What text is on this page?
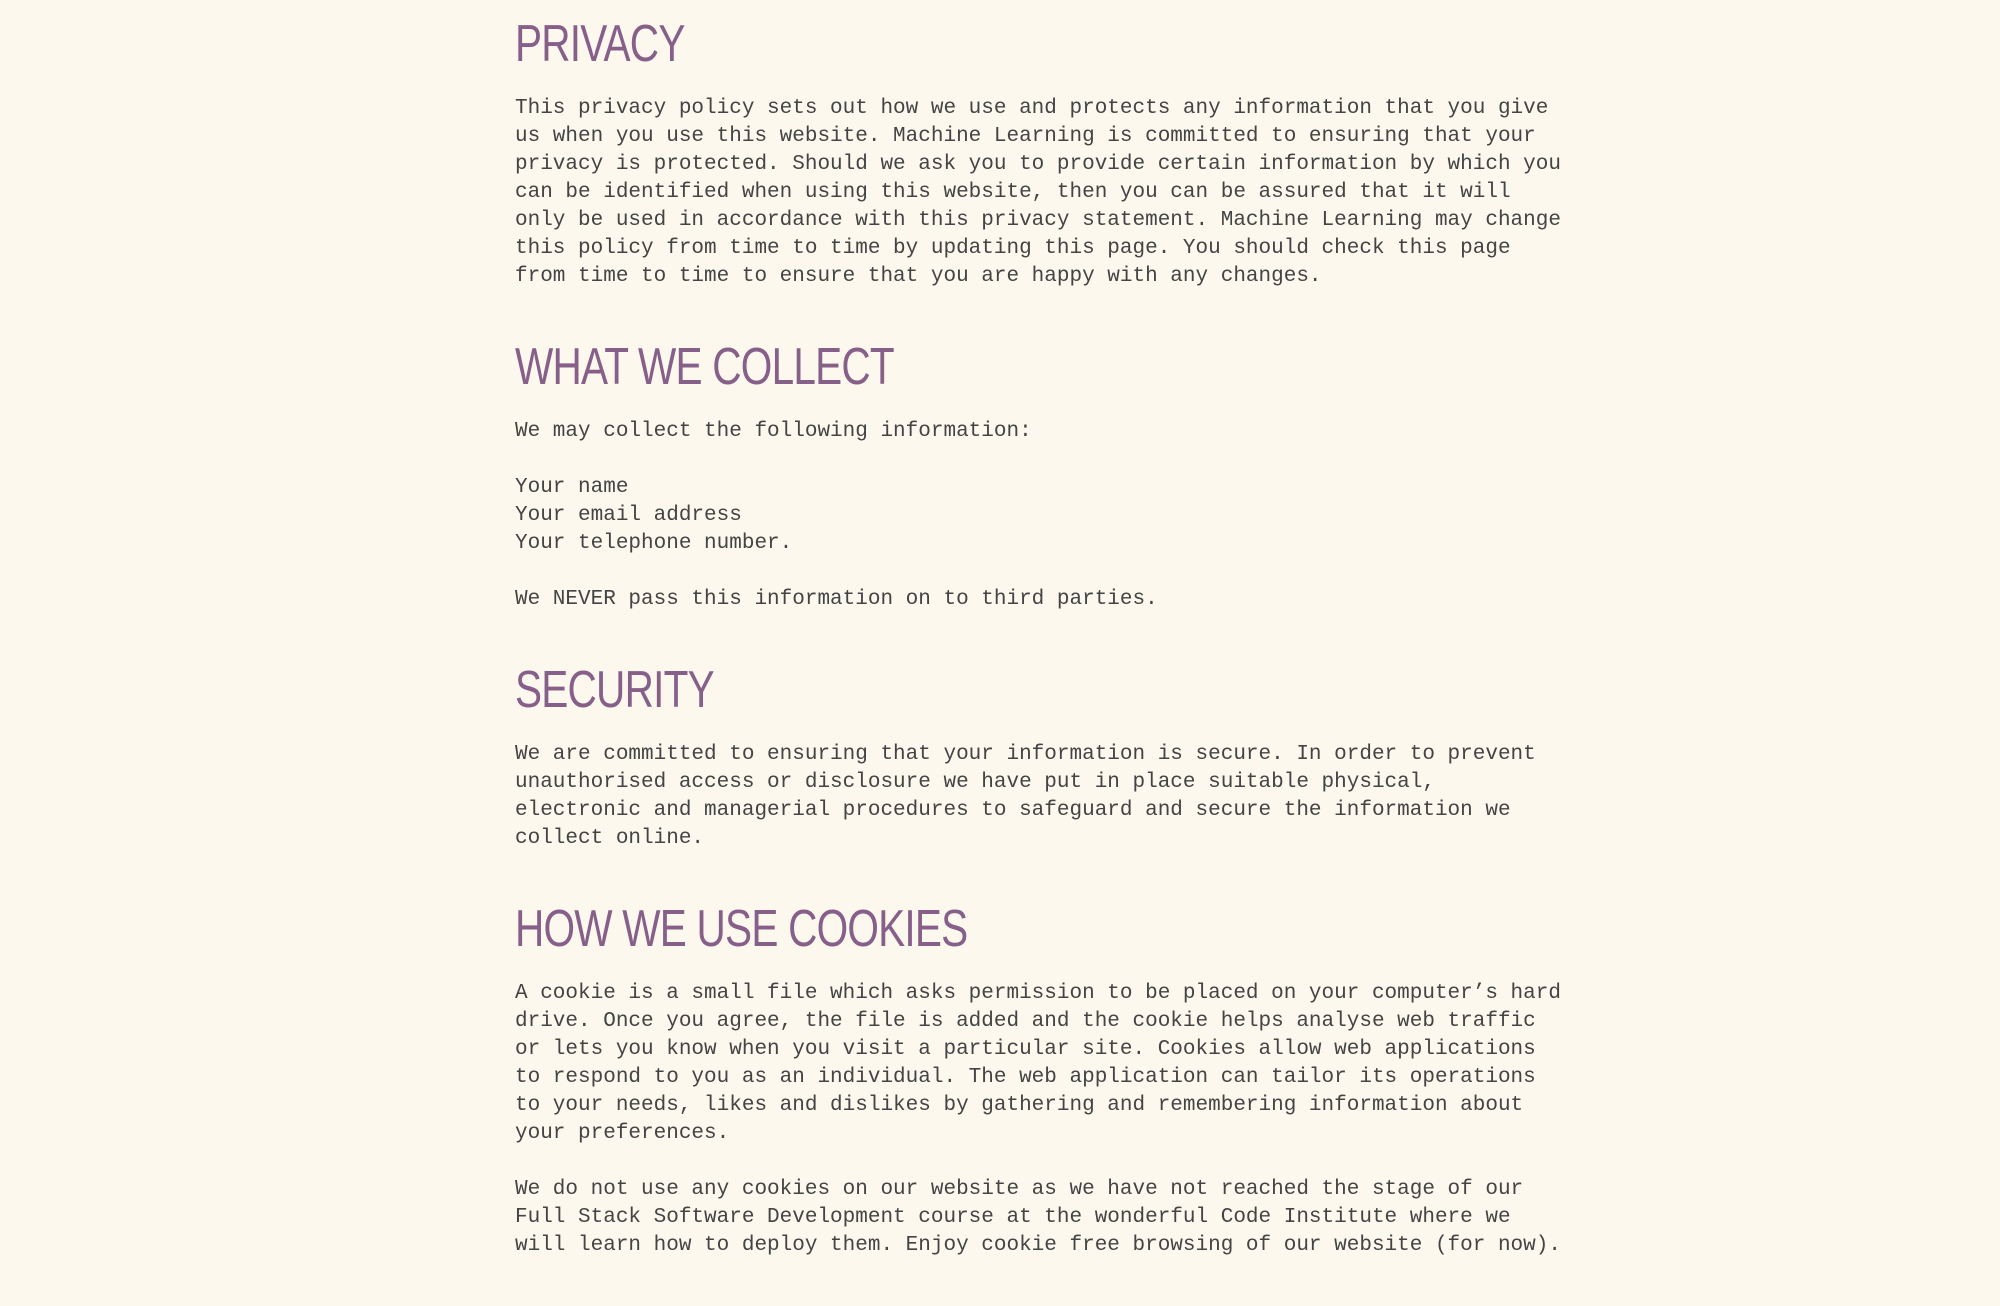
PRIVACY

This privacy policy sets out how we use and protects any information that you give us when you use this website. Machine Learning is committed to ensuring that your privacy is protected. Should we ask you to provide certain information by which you can be identified when using this website, then you can be assured that it will only be used in accordance with this privacy statement. Machine Learning may change this policy from time to time by updating this page. You should check this page from time to time to ensure that you are happy with any changes.

WHAT WE COLLECT

We may collect the following information:

Your name
Your email address
Your telephone number.

We NEVER pass this information on to third parties.

SECURITY

We are committed to ensuring that your information is secure. In order to prevent unauthorised access or disclosure we have put in place suitable physical, electronic and managerial procedures to safeguard and secure the information we collect online.

HOW WE USE COOKIES

A cookie is a small file which asks permission to be placed on your computer’s hard drive. Once you agree, the file is added and the cookie helps analyse web traffic or lets you know when you visit a particular site. Cookies allow web applications to respond to you as an individual. The web application can tailor its operations to your needs, likes and dislikes by gathering and remembering information about your preferences.

We do not use any cookies on our website as we have not reached the stage of our Full Stack Software Development course at the wonderful Code Institute where we will learn how to deploy them. Enjoy cookie free browsing of our website (for now).
